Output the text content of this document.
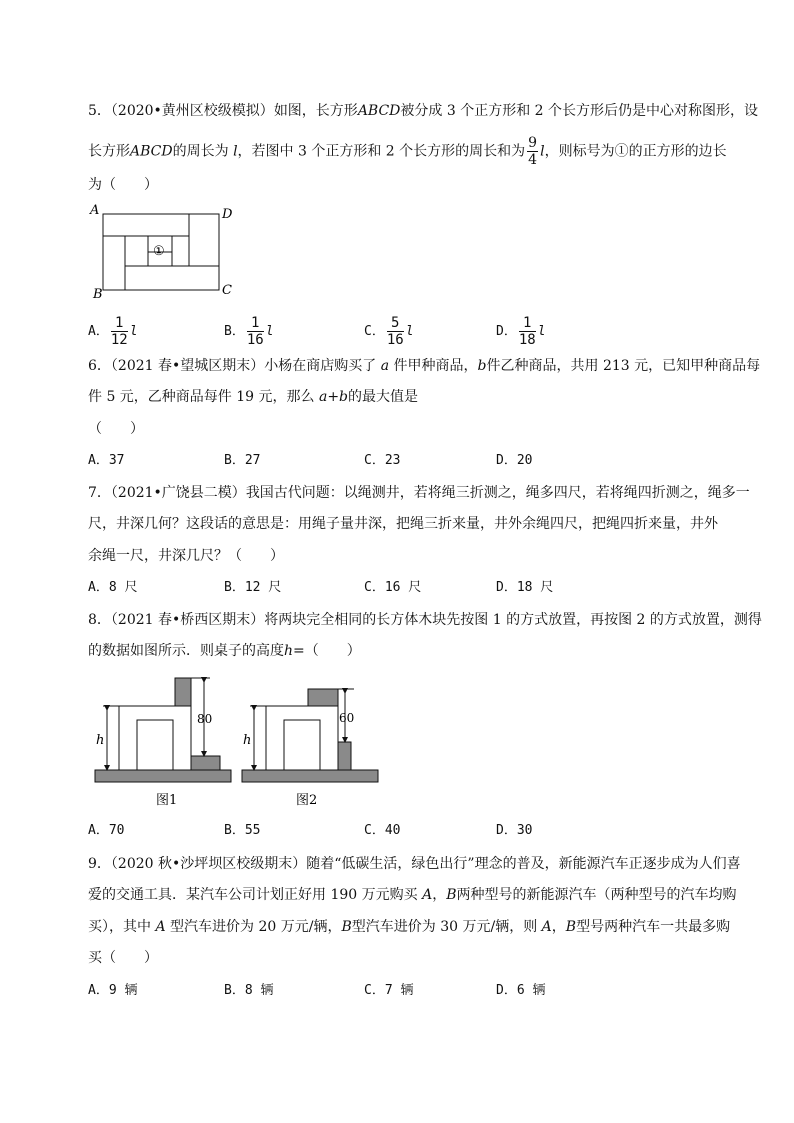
5．（2020•黄州区校级模拟）如图，长方形ABCD被分成 3 个正方形和 2 个长方形后仍是中心对称图形，设
长方形ABCD的周长为 l，若图中 3 个正方形和 2 个长方形的周长和为 $\frac{9}{4}$ l，则标号为①的正方形的边长
为（　　）
A	D
B	C
①
A． $\frac{1}{12}$ l	B． $\frac{1}{16}$ l	C． $\frac{5}{16}$ l	D． $\frac{1}{18}$ l
6．（2021 春•望城区期末）小杨在商店购买了 a 件甲种商品，b件乙种商品，共用 213 元，已知甲种商品每
件 5 元，乙种商品每件 19 元，那么 a+b的最大值是
（　　）
A．37	B．27	C．23	D．20
7．（2021•广饶县二模）我国古代问题：以绳测井，若将绳三折测之，绳多四尺，若将绳四折测之，绳多一
尺，井深几何？这段话的意思是：用绳子量井深，把绳三折来量，井外余绳四尺，把绳四折来量，井外
余绳一尺，井深几尺？（　　）
A．8 尺	B．12 尺	C．16 尺	D．18 尺
8．（2021 春•桥西区期末）将两块完全相同的长方体木块先按图 1 的方式放置，再按图 2 的方式放置，测得
的数据如图所示．则桌子的高度h=（　　）
h
80
图1
h
60
图2
A．70	B．55	C．40	D．30
9．（2020 秋•沙坪坝区校级期末）随着“低碳生活，绿色出行”理念的普及，新能源汽车正逐步成为人们喜
爱的交通工具．某汽车公司计划正好用 190 万元购买 A，B两种型号的新能源汽车（两种型号的汽车均购
买），其中 A 型汽车进价为 20 万元/辆，B型汽车进价为 30 万元/辆，则 A，B型号两种汽车一共最多购
买（　　）
A．9 辆	B．8 辆	C．7 辆	D．6 辆
